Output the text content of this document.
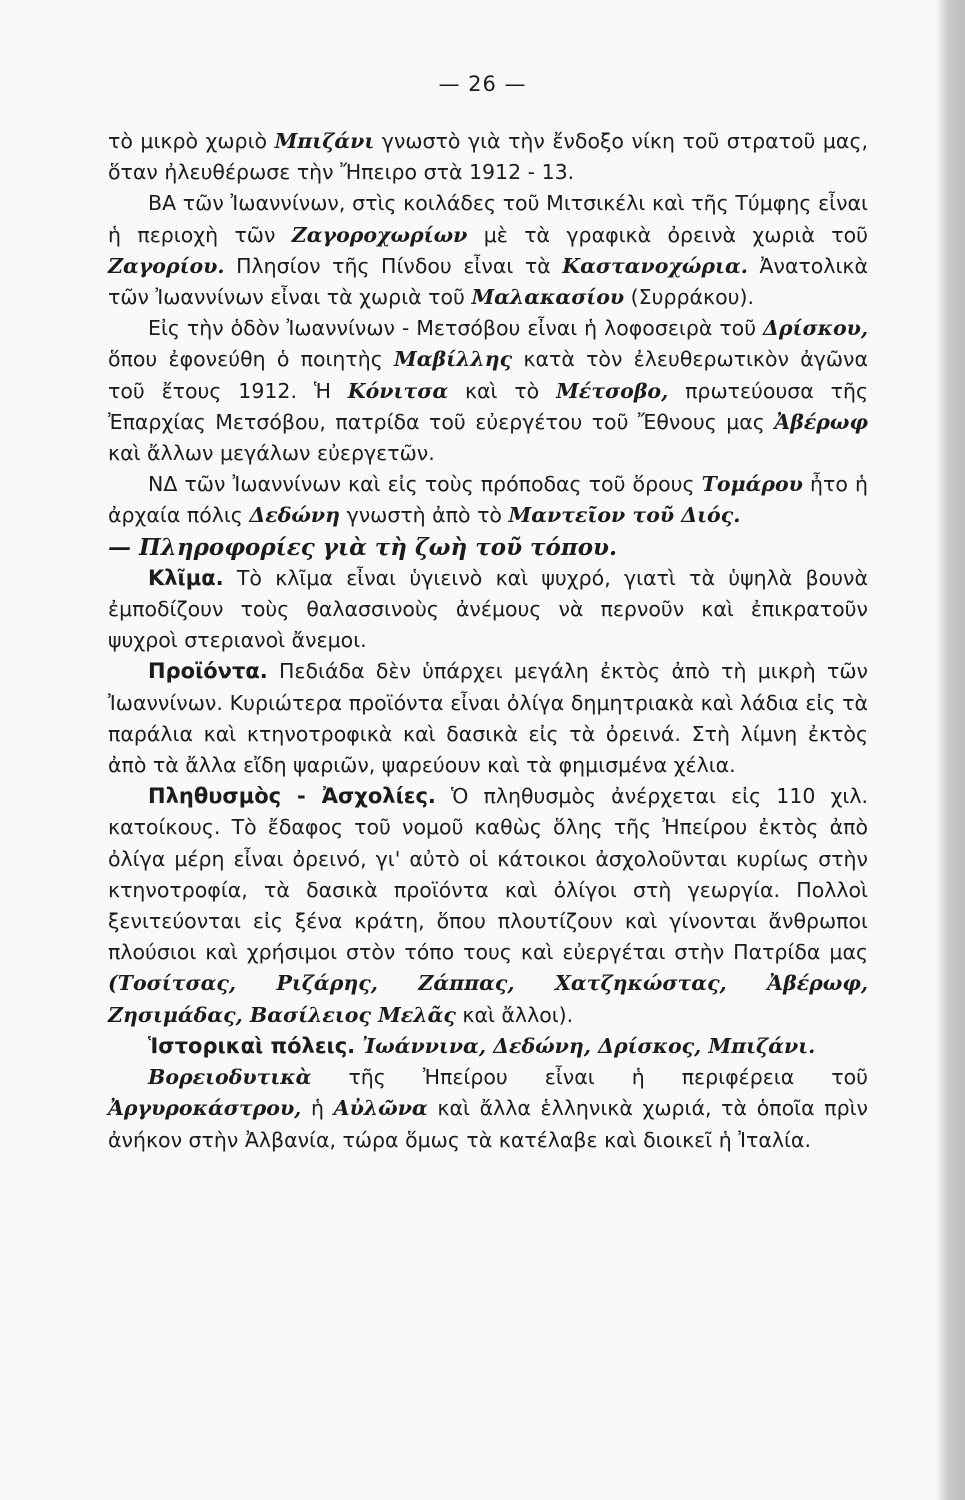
— 26 —

τὸ μικρὸ χωριὸ Μπιζάνι γνωστὸ γιὰ τὴν ἔνδοξο νίκη τοῦ στρατοῦ μας, ὅταν ἠλευθέρωσε τὴν Ἤπειρο στὰ 1912 - 13.

ΒΑ τῶν Ἰωαννίνων, στὶς κοιλάδες τοῦ Μιτσικέλι καὶ τῆς Τύμφης εἶναι ἡ περιοχὴ τῶν Ζαγοροχωρίων μὲ τὰ γραφικὰ ὀρεινὰ χωριὰ τοῦ Ζαγορίου. Πλησίον τῆς Πίνδου εἶναι τὰ Καστανοχώρια. Ἀνατολικὰ τῶν Ἰωαννίνων εἶναι τὰ χωριὰ τοῦ Μαλακασίου (Συρράκου).

Εἰς τὴν ὁδὸν Ἰωαννίνων - Μετσόβου εἶναι ἡ λοφοσειρὰ τοῦ Δρίσκου, ὅπου ἐφονεύθη ὁ ποιητὴς Μαβίλλης κατὰ τὸν ἐλευθερωτικὸν ἀγῶνα τοῦ ἔτους 1912. Ἡ Κόνιτσα καὶ τὸ Μέτσοβο, πρωτεύουσα τῆς Ἐπαρχίας Μετσόβου, πατρίδα τοῦ εὐεργέτου τοῦ Ἔθνους μας Ἀβέρωφ καὶ ἄλλων μεγάλων εὐεργετῶν.

ΝΔ τῶν Ἰωαννίνων καὶ εἰς τοὺς πρόποδας τοῦ ὅρους Τομάρου ἦτο ἡ ἀρχαία πόλις Δεδώνη γνωστὴ ἀπὸ τὸ Μαντεῖον τοῦ Διός.

— Πληροφορίες γιὰ τὴ ζωὴ τοῦ τόπου.

Κλῖμα. Τὸ κλῖμα εἶναι ὑγιεινὸ καὶ ψυχρό, γιατὶ τὰ ὑψηλὰ βουνὰ ἐμποδίζουν τοὺς θαλασσινοὺς ἀνέμους νὰ περνοῦν καὶ ἐπικρατοῦν ψυχροὶ στεριανοὶ ἄνεμοι.

Προϊόντα. Πεδιάδα δὲν ὑπάρχει μεγάλη ἐκτὸς ἀπὸ τὴ μικρὴ τῶν Ἰωαννίνων. Κυριώτερα προϊόντα εἶναι ὀλίγα δημητριακὰ καὶ λάδια εἰς τὰ παράλια καὶ κτηνοτροφικὰ καὶ δασικὰ εἰς τὰ ὀρεινά. Στὴ λίμνη ἐκτὸς ἀπὸ τὰ ἄλλα εἴδη ψαριῶν, ψαρεύουν καὶ τὰ φημισμένα χέλια.

Πληθυσμὸς - Ἀσχολίες. Ὁ πληθυσμὸς ἀνέρχεται εἰς 110 χιλ. κατοίκους. Τὸ ἔδαφος τοῦ νομοῦ καθὼς ὅλης τῆς Ἠπείρου ἐκτὸς ἀπὸ ὀλίγα μέρη εἶναι ὀρεινό, γι' αὐτὸ οἱ κάτοικοι ἀσχολοῦνται κυρίως στὴν κτηνοτροφία, τὰ δασικὰ προϊόντα καὶ ὀλίγοι στὴ γεωργία. Πολλοὶ ξενιτεύονται εἰς ξένα κράτη, ὅπου πλουτίζουν καὶ γίνονται ἄνθρωποι πλούσιοι καὶ χρήσιμοι στὸν τόπο τους καὶ εὐεργέται στὴν Πατρίδα μας (Τοσίτσας, Ριζάρης, Ζάππας, Χατζηκώστας, Ἀβέρωφ, Ζησιμάδας, Βασίλειος Μελᾶς καὶ ἄλλοι).

Ἱστορικαὶ πόλεις. Ἰωάννινα, Δεδώνη, Δρίσκος, Μπιζάνι.

Βορειοδυτικὰ τῆς Ἠπείρου εἶναι ἡ περιφέρεια τοῦ Ἀργυροκάστρου, ἡ Αὐλῶνα καὶ ἄλλα ἑλληνικὰ χωριά, τὰ ὁποῖα πρὶν ἀνήκον στὴν Ἀλβανία, τώρα ὅμως τὰ κατέλαβε καὶ διοικεῖ ἡ Ἰταλία.
